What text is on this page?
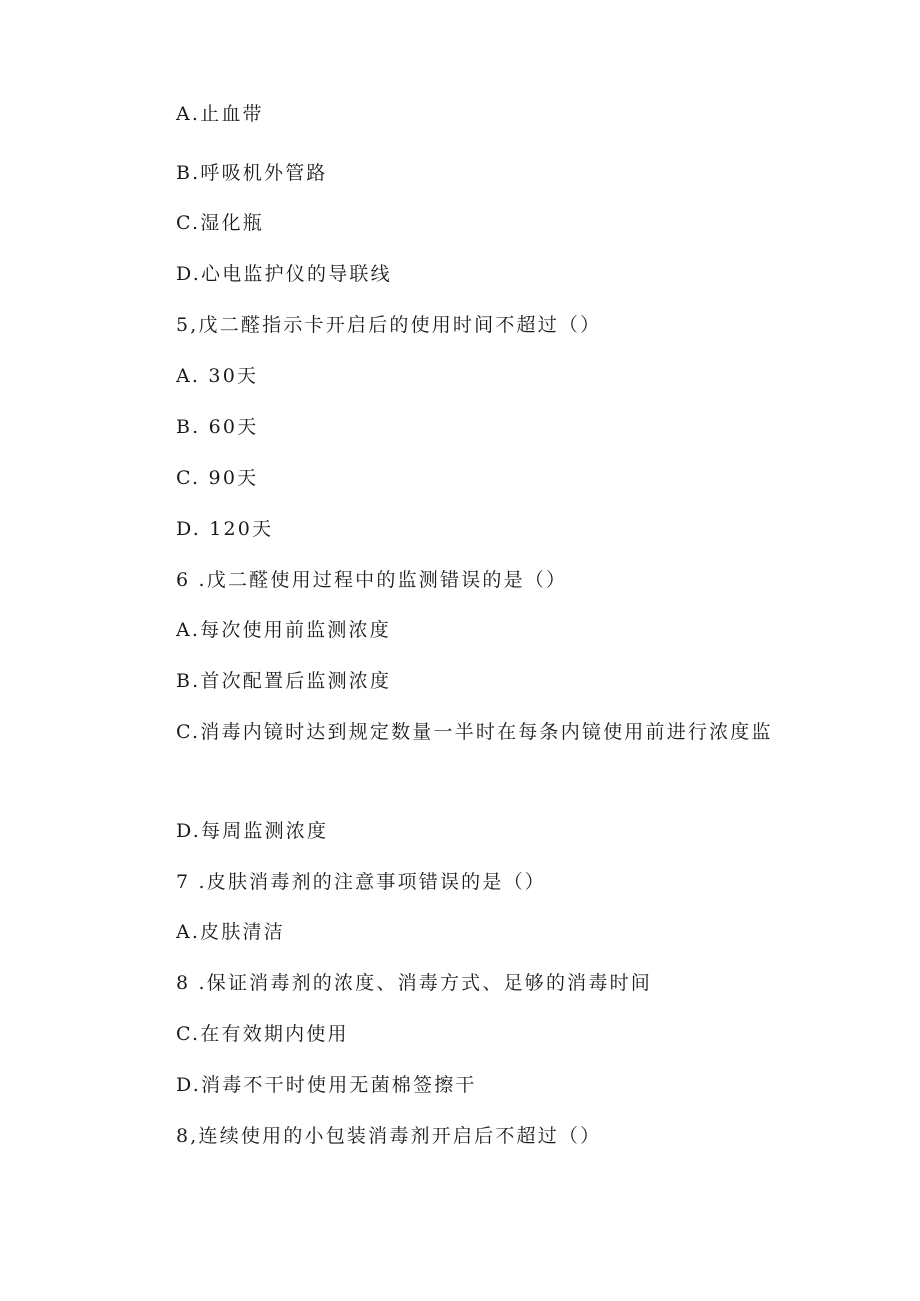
A.止血带
B.呼吸机外管路
C.湿化瓶
D.心电监护仪的导联线
5,戊二醛指示卡开启后的使用时间不超过（）
A. 30天
B. 60天
C. 90天
D. 120天
6 .戊二醛使用过程中的监测错误的是（）
A.每次使用前监测浓度
B.首次配置后监测浓度
C.消毒内镜时达到规定数量一半时在每条内镜使用前进行浓度监
D.每周监测浓度
7 .皮肤消毒剂的注意事项错误的是（）
A.皮肤清洁
8 .保证消毒剂的浓度、消毒方式、足够的消毒时间
C.在有效期内使用
D.消毒不干时使用无菌棉签擦干
8,连续使用的小包装消毒剂开启后不超过（）
